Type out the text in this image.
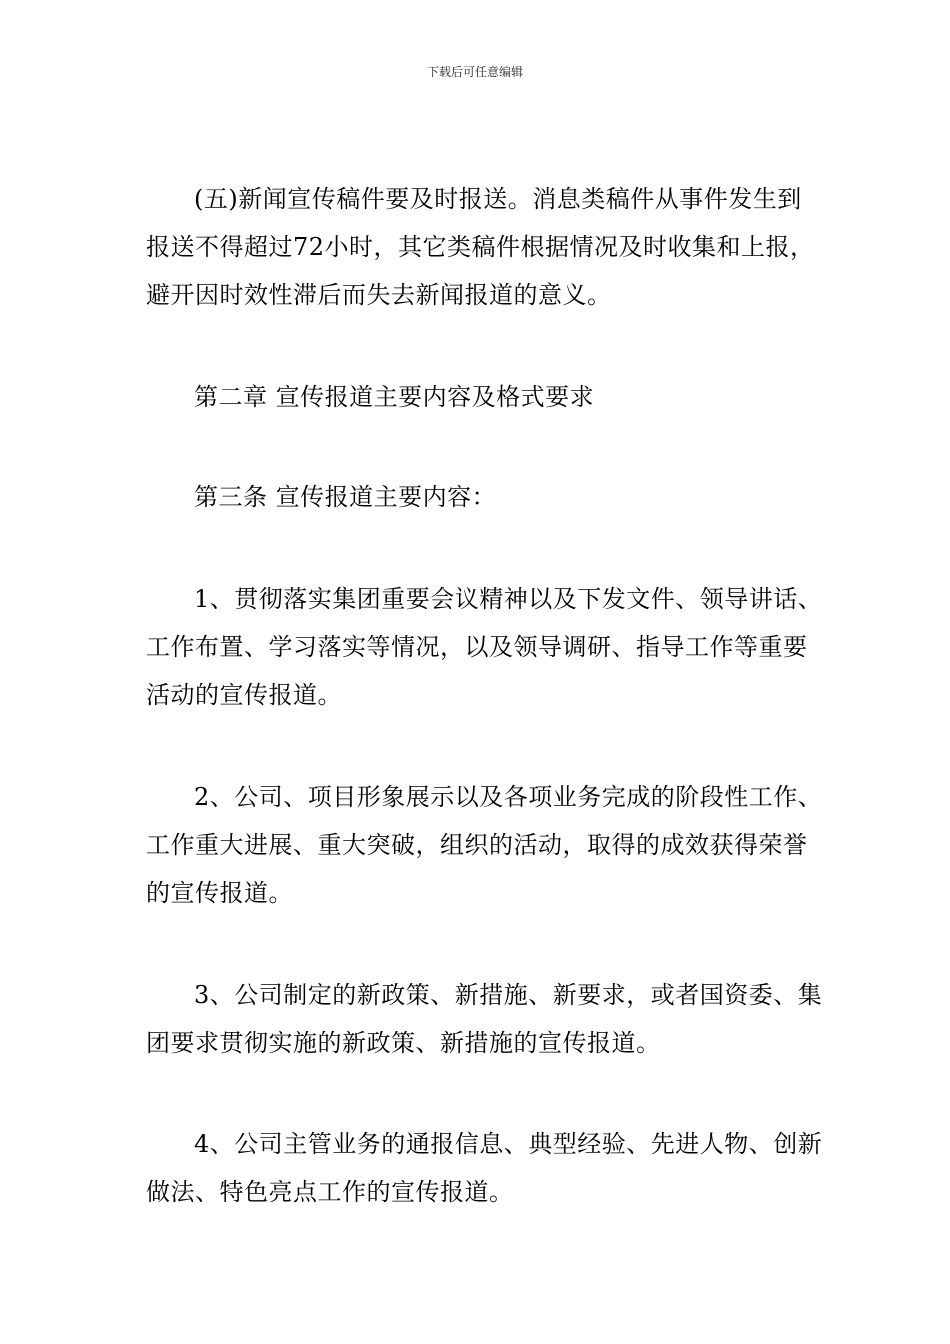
下载后可任意编辑

(五)新闻宣传稿件要及时报送。消息类稿件从事件发生到报送不得超过72小时，其它类稿件根据情况及时收集和上报，避开因时效性滞后而失去新闻报道的意义。

第二章 宣传报道主要内容及格式要求

第三条 宣传报道主要内容：

1、贯彻落实集团重要会议精神以及下发文件、领导讲话、工作布置、学习落实等情况，以及领导调研、指导工作等重要活动的宣传报道。

2、公司、项目形象展示以及各项业务完成的阶段性工作、工作重大进展、重大突破，组织的活动，取得的成效获得荣誉的宣传报道。

3、公司制定的新政策、新措施、新要求，或者国资委、集团要求贯彻实施的新政策、新措施的宣传报道。

4、公司主管业务的通报信息、典型经验、先进人物、创新做法、特色亮点工作的宣传报道。
